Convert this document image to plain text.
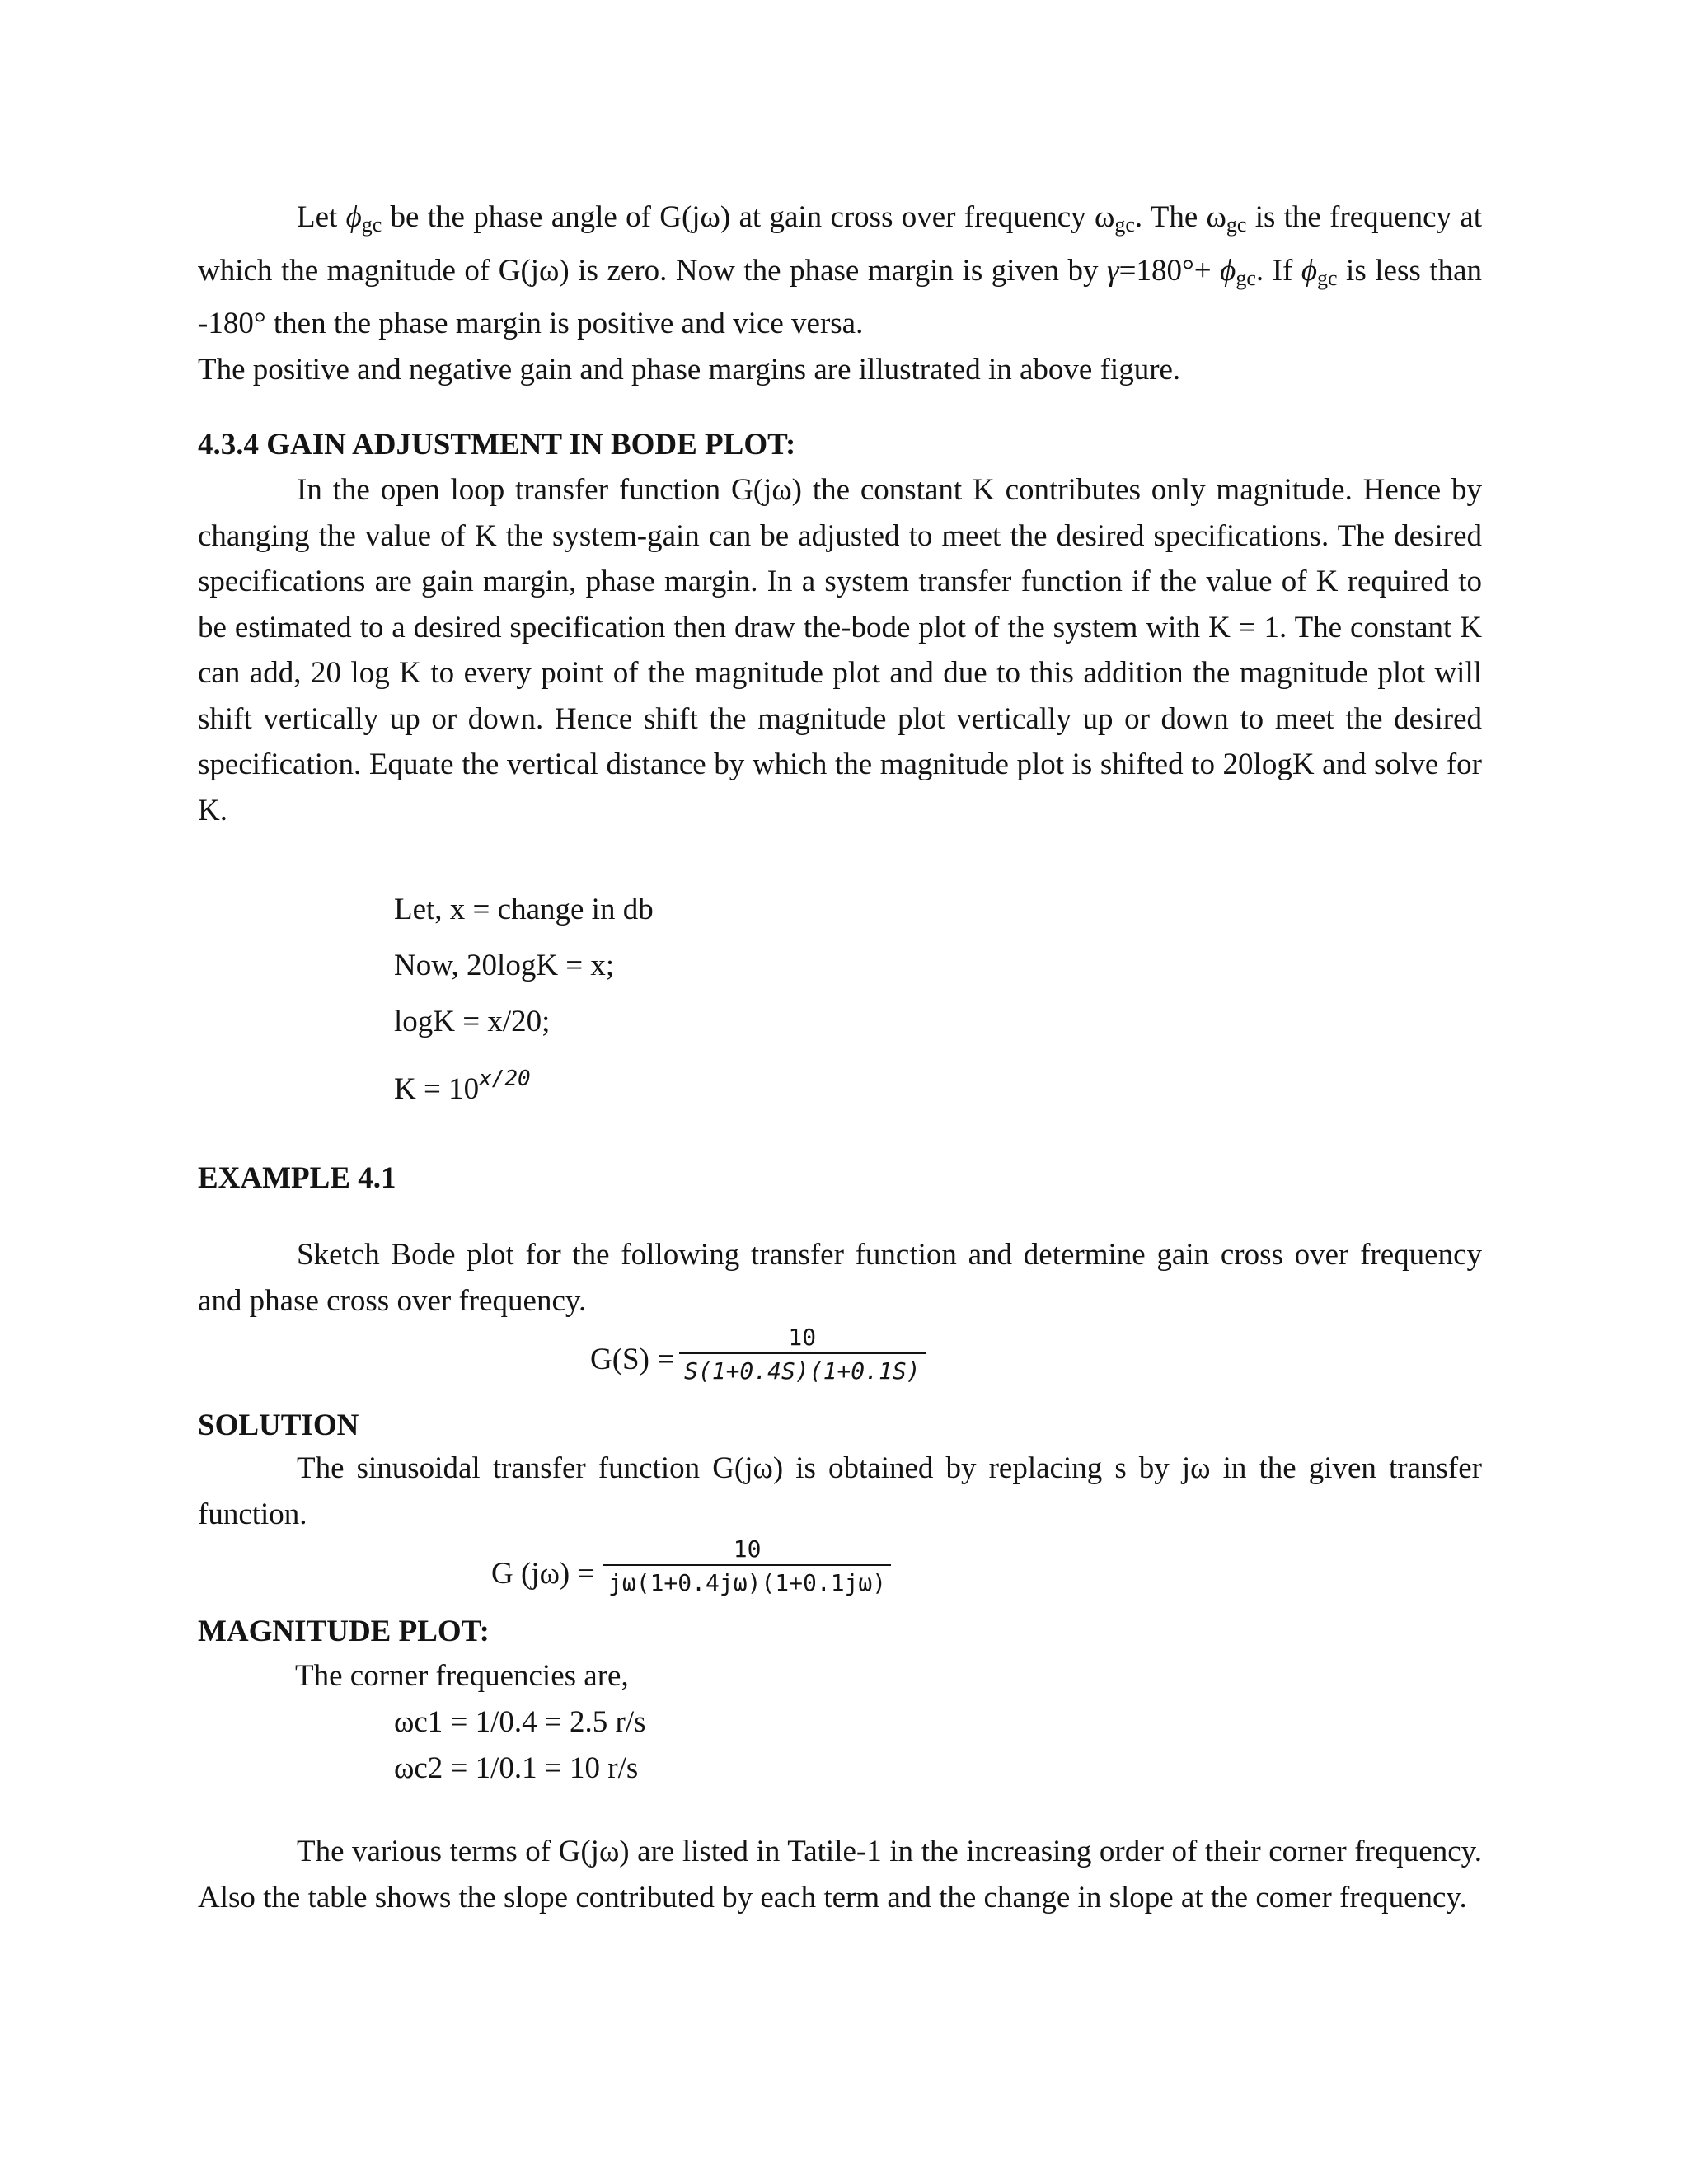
Let $\phi_{gc}$ be the phase angle of G(jω) at gain cross over frequency $\omega_{gc}$. The $\omega_{gc}$ is the frequency at which the magnitude of G(jω) is zero. Now the phase margin is given by $\gamma=180^\circ+ \phi_{gc}$. If $\phi_{gc}$ is less than -180° then the phase margin is positive and vice versa.
The positive and negative gain and phase margins are illustrated in above figure.

4.3.4 GAIN ADJUSTMENT IN BODE PLOT:

In the open loop transfer function G(jω) the constant K contributes only magnitude. Hence by changing the value of K the system-gain can be adjusted to meet the desired specifications. The desired specifications are gain margin, phase margin. In a system transfer function if the value of K required to be estimated to a desired specification then draw the-bode plot of the system with K = 1. The constant K can add, 20 log K to every point of the magnitude plot and due to this addition the magnitude plot will shift vertically up or down. Hence shift the magnitude plot vertically up or down to meet the desired specification. Equate the vertical distance by which the magnitude plot is shifted to 20logK and solve for K.

Let, x = change in db

Now, 20logK = x;

logK = x/20;

$K = 10^{x/20}$

EXAMPLE 4.1

Sketch Bode plot for the following transfer function and determine gain cross over frequency and phase cross over frequency.

G(S) =
10
S(1+0.4S)(1+0.1S)

SOLUTION

The sinusoidal transfer function G(jω) is obtained by replacing s by jω in the given transfer function.

G (jω) =
10
jω(1+0.4jω)(1+0.1jω)

MAGNITUDE PLOT:

The corner frequencies are,

ωc1 = 1/0.4 = 2.5 r/s

ωc2 = 1/0.1 = 10 r/s

The various terms of G(jω) are listed in Tatile-1 in the increasing order of their corner frequency. Also the table shows the slope contributed by each term and the change in slope at the comer frequency.
